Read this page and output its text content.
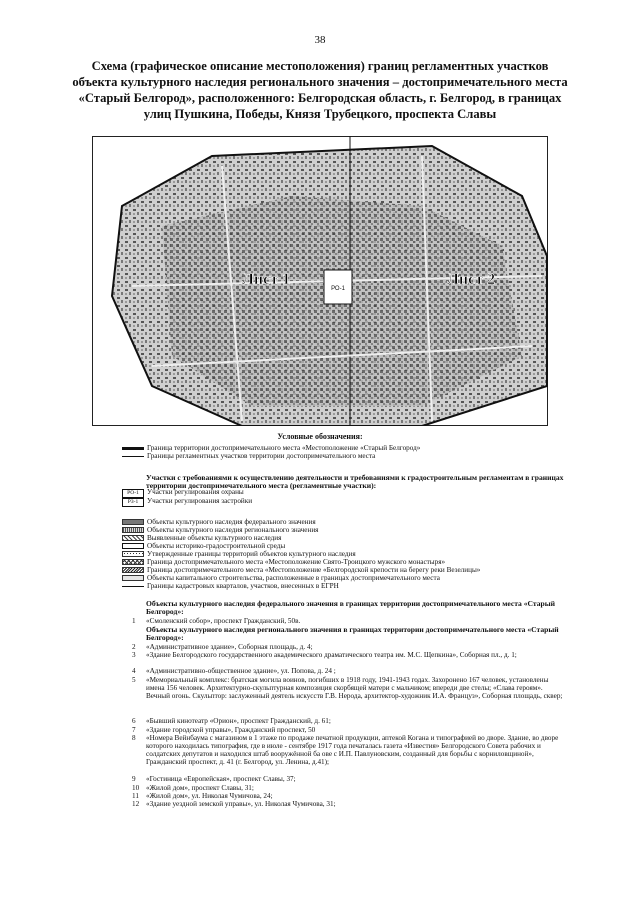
38
Схема (графическое описание местоположения) границ регламентных участков объекта культурного наследия регионального значения – достопримечательного места «Старый Белгород», расположенного: Белгородская область, г. Белгород, в границах улиц Пушкина, Победы, Князя Трубецкого, проспекта Славы
РО-1
Лист 1	Лист 2
Условные обозначения:
Граница территории достопримечательного места «Местоположение «Старый Белгород»
Границы регламентных участков территории достопримечательного места
Участки с требованиями к осуществлению деятельности и требованиями к градостроительным регламентам в границах территории достопримечательного места (регламентные участки):
РО-1 Участки регулирования охраны
РЗ-1 Участки регулирования застройки
Объекты культурного наследия федерального значения
Объекты культурного наследия регионального значения
Выявленные объекты культурного наследия
Объекты историко-градостроительной среды
Утвержденные границы территорий объектов культурного наследия
Граница достопримечательного места «Местоположение Свято-Троицкого мужского монастыря»
Граница достопримечательного места «Местоположение «Белгородской крепости на берегу реки Везелицы»
Объекты капитального строительства, расположенные в границах достопримечательного места
Границы кадастровых кварталов, участков, внесенных в ЕГРН
Объекты культурного наследия федерального значения в границах территории достопримечательного места «Старый Белгород»:
1	«Смоленский собор», проспект Гражданский, 50в.
Объекты культурного наследия регионального значения в границах территории достопримечательного места «Старый Белгород»:
2	«Административное здание», Соборная площадь, д. 4;
3	«Здание Белгородского государственного академического драматического театра им. М.С. Щепкина», Соборная пл., д. 1;
4	«Административно-общественное здание», ул. Попова, д. 24 ;
5	«Мемориальный комплекс: братская могила воинов, погибших в 1918 году, 1941-1943 годах. Захоронено 167 человек, установлены имена 156 человек. Архитектурно-скульптурная композиция скорбящей матери с мальчиком; впереди две стелы; «Слава героям». Вечный огонь. Скульптор: заслуженный деятель искусств Г.В. Нерода, архитектор-художник И.А. Француз», Соборная площадь, сквер;
6	«Бывший кинотеатр «Орион», проспект Гражданский, д. 61;
7	«Здание городской управы», Гражданский проспект, 50
8	«Номера Вейнбаума с магазином в 1 этаже по продаже печатной продукции, аптекой Когана и типографией во дворе. Здание, во дворе которого находилась типография, где в июле - сентябре 1917 года печаталась газета «Известия» Белгородского Совета рабочих и солдатских депутатов и находился штаб вооружённой ба ове с И.П. Павлуновским, созданный для борьбы с корниловщиной», Гражданский проспект, д. 41 (г. Белгород, ул. Ленина, д.41);
9	«Гостиница «Европейская», проспект Славы, 37;
10 «Жилой дом», проспект Славы, 31;
11 «Жилой дом», ул. Николая Чумичова, 24;
12 «Здание уездной земской управы», ул. Николая Чумичова, 31;
